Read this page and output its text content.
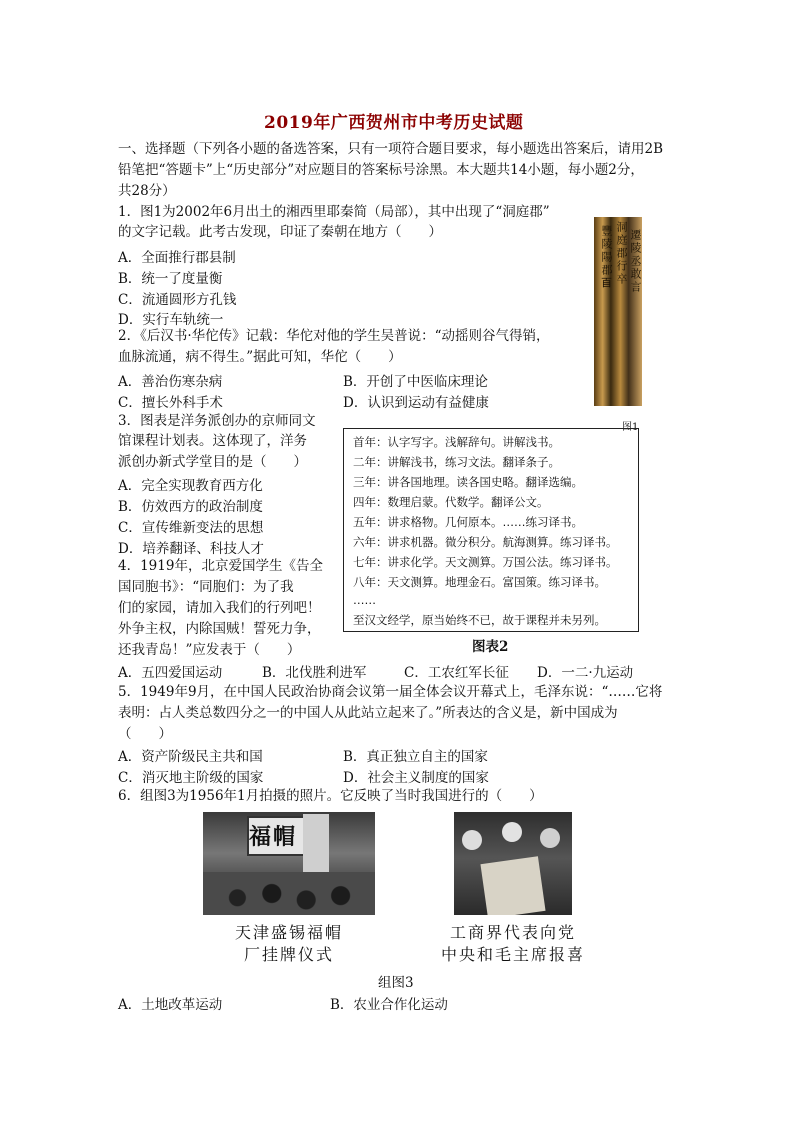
2019年广西贺州市中考历史试题
一、选择题（下列各小题的备选答案，只有一项符合题目要求，每小题选出答案后，请用2B
铅笔把“答题卡”上“历史部分”对应题目的答案标号涂黑。本大题共14小题，每小题2分，
共28分）
1．图1为2002年6月出土的湘西里耶秦简（局部），其中出现了“洞庭郡”
的文字记载。此考古发现，印证了秦朝在地方（　　）
A．全面推行郡县制
B．统一了度量衡
C．流通圆形方孔钱
D．实行车轨统一
豐陵陽郡𦣻 洞庭郡行卒 遷陵丞敢言
图1
2．《后汉书·华佗传》记载：华佗对他的学生吴普说：“动摇则谷气得销，
血脉流通，病不得生。”据此可知，华佗（　　）
A．善治伤寒杂病	B．开创了中医临床理论
C．擅长外科手术	D．认识到运动有益健康
3．图表是洋务派创办的京师同文
馆课程计划表。这体现了，洋务
派创办新式学堂目的是（　　）
A．完全实现教育西方化
B．仿效西方的政治制度
C．宣传维新变法的思想
D．培养翻译、科技人才
首年：认字写字。浅解辞句。讲解浅书。
二年：讲解浅书，练习文法。翻译条子。
三年：讲各国地理。读各国史略。翻译选编。
四年：数理启蒙。代数学。翻译公文。
五年：讲求格物。几何原本。……练习译书。
六年：讲求机器。微分积分。航海测算。练习译书。
七年：讲求化学。天文测算。万国公法。练习译书。
八年：天文测算。地理金石。富国策。练习译书。
……
至汉文经学，原当始终不已，故于课程并未另列。
图表2
4．1919年，北京爱国学生《告全
国同胞书》：“同胞们：为了我
们的家园，请加入我们的行列吧！
外争主权，内除国贼！誓死力争，
还我青岛！”应发表于（　　）
A．五四爱国运动	B．北伐胜利进军	C．工农红军长征 D．一二·九运动
5．1949年9月，在中国人民政治协商会议第一届全体会议开幕式上，毛泽东说：“……它将
表明：占人类总数四分之一的中国人从此站立起来了。”所表达的含义是，新中国成为
（　　）
A．资产阶级民主共和国	B．真正独立自主的国家
C．消灭地主阶级的国家	D．社会主义制度的国家
6．组图3为1956年1月拍摄的照片。它反映了当时我国进行的（　　）
福帽
天津盛锡福帽
厂挂牌仪式
工商界代表向党
中央和毛主席报喜
组图3
A．土地改革运动	B．农业合作化运动
